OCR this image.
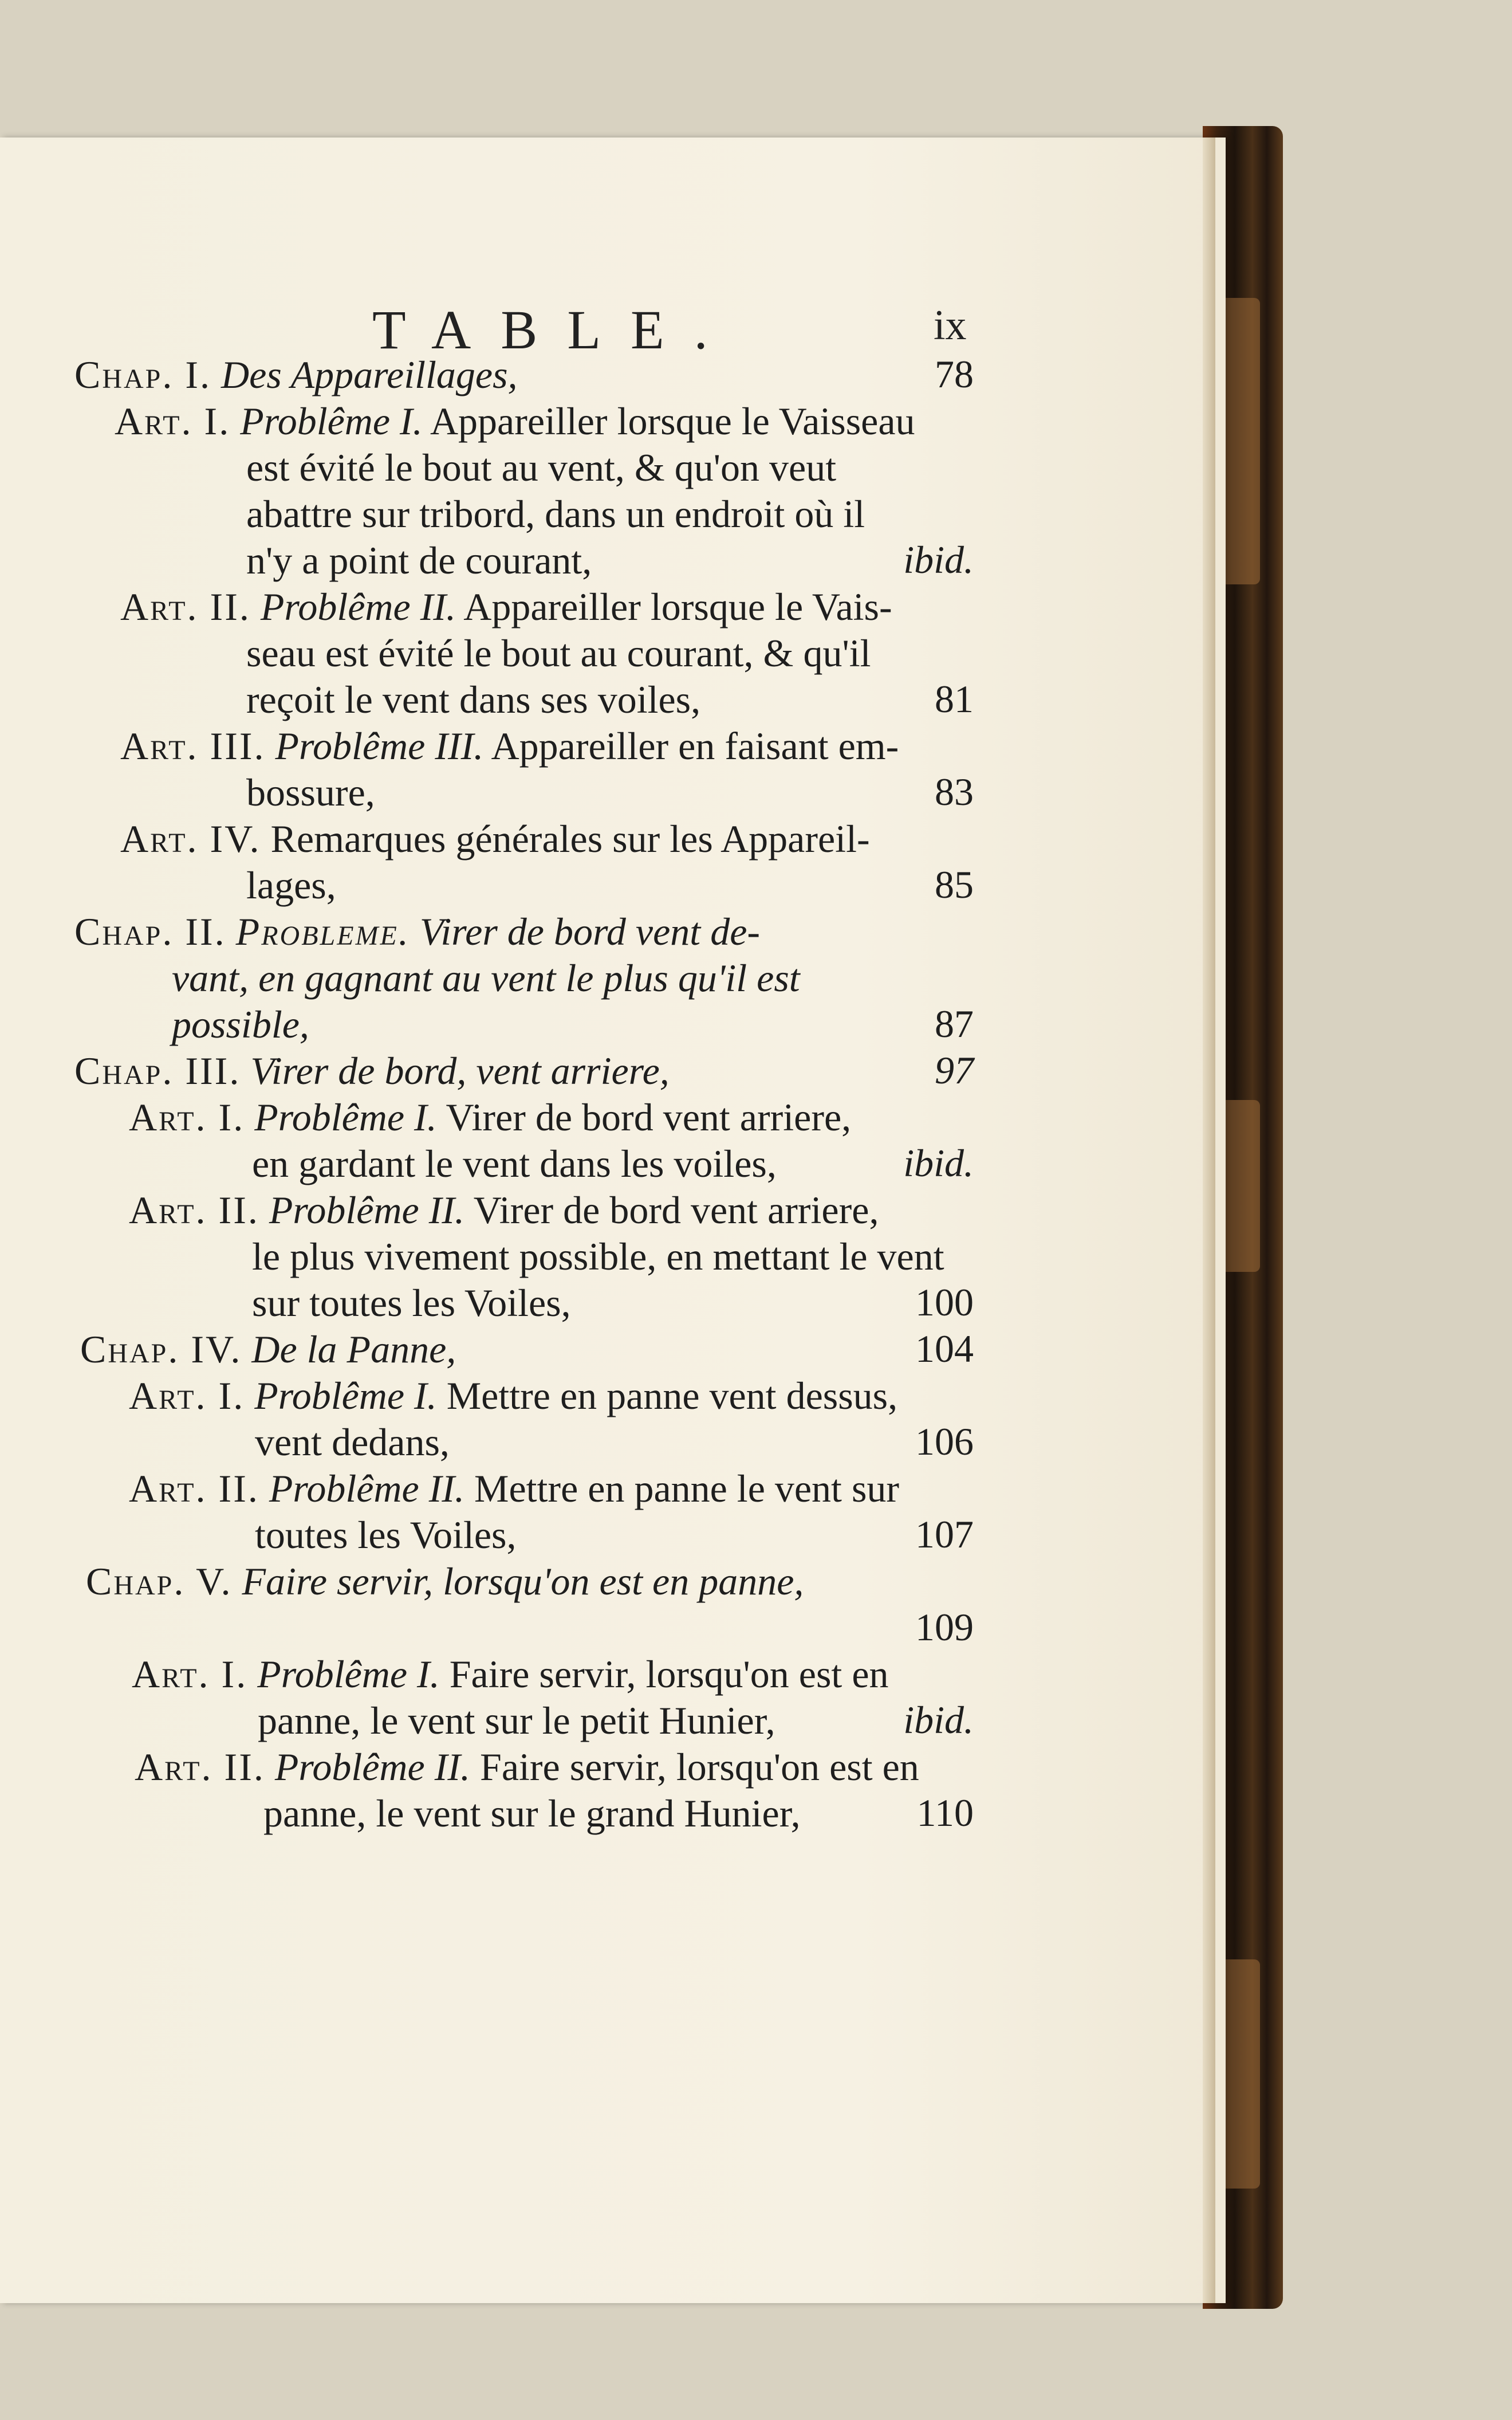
TABLE.	ix
Chap. I. Des Appareillages,	78
Art. I. Problême I. Appareiller lorsque le Vaisseau
est évité le bout au vent, & qu'on veut
abattre sur tribord, dans un endroit où il
n'y a point de courant,	ibid.
Art. II. Problême II. Appareiller lorsque le Vais-
seau est évité le bout au courant, & qu'il
reçoit le vent dans ses voiles,	81
Art. III. Problême III. Appareiller en faisant em-
bossure,	83
Art. IV. Remarques générales sur les Appareil-
lages,	85
Chap. II. Probleme. Virer de bord vent de-
vant, en gagnant au vent le plus qu'il est
possible,	87
Chap. III. Virer de bord, vent arriere,	97
Art. I. Problême I. Virer de bord vent arriere,
en gardant le vent dans les voiles,	ibid.
Art. II. Problême II. Virer de bord vent arriere,
le plus vivement possible, en mettant le vent
sur toutes les Voiles,	100
Chap. IV. De la Panne,	104
Art. I. Problême I. Mettre en panne vent dessus,
vent dedans,	106
Art. II. Problême II. Mettre en panne le vent sur
toutes les Voiles,	107
Chap. V. Faire servir, lorsqu'on est en panne,
109
Art. I. Problême I. Faire servir, lorsqu'on est en
panne, le vent sur le petit Hunier,	ibid.
Art. II. Problême II. Faire servir, lorsqu'on est en
panne, le vent sur le grand Hunier,	110
